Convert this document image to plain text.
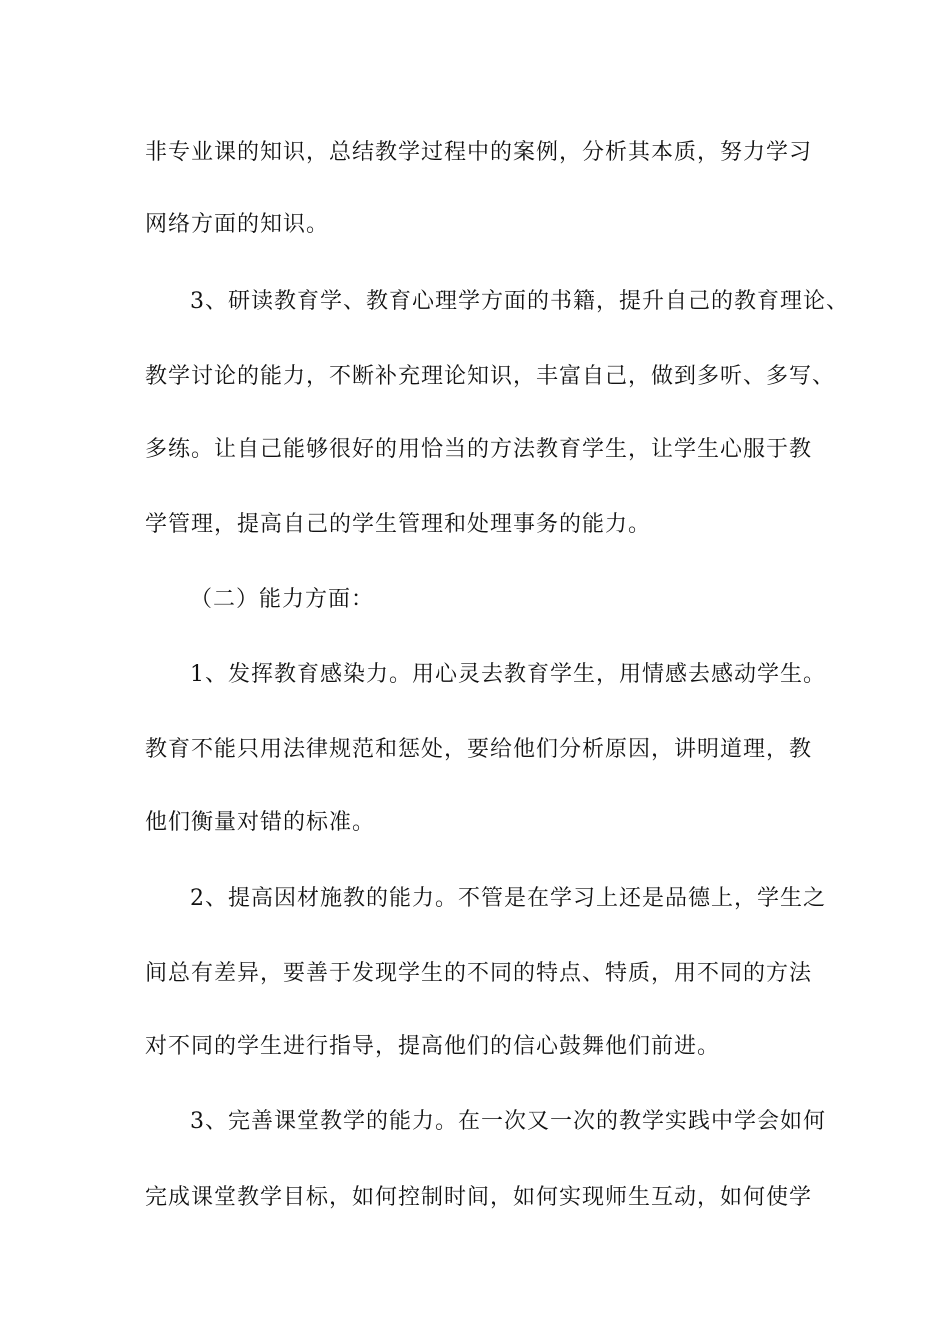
非专业课的知识，总结教学过程中的案例，分析其本质，努力学习
网络方面的知识。
3、研读教育学、教育心理学方面的书籍，提升自己的教育理论、
教学讨论的能力，不断补充理论知识，丰富自己，做到多听、多写、
多练。让自己能够很好的用恰当的方法教育学生，让学生心服于教
学管理，提高自己的学生管理和处理事务的能力。
（二）能力方面：
1、发挥教育感染力。用心灵去教育学生，用情感去感动学生。
教育不能只用法律规范和惩处，要给他们分析原因，讲明道理，教
他们衡量对错的标准。
2、提高因材施教的能力。不管是在学习上还是品德上，学生之
间总有差异，要善于发现学生的不同的特点、特质，用不同的方法
对不同的学生进行指导，提高他们的信心鼓舞他们前进。
3、完善课堂教学的能力。在一次又一次的教学实践中学会如何
完成课堂教学目标，如何控制时间，如何实现师生互动，如何使学
